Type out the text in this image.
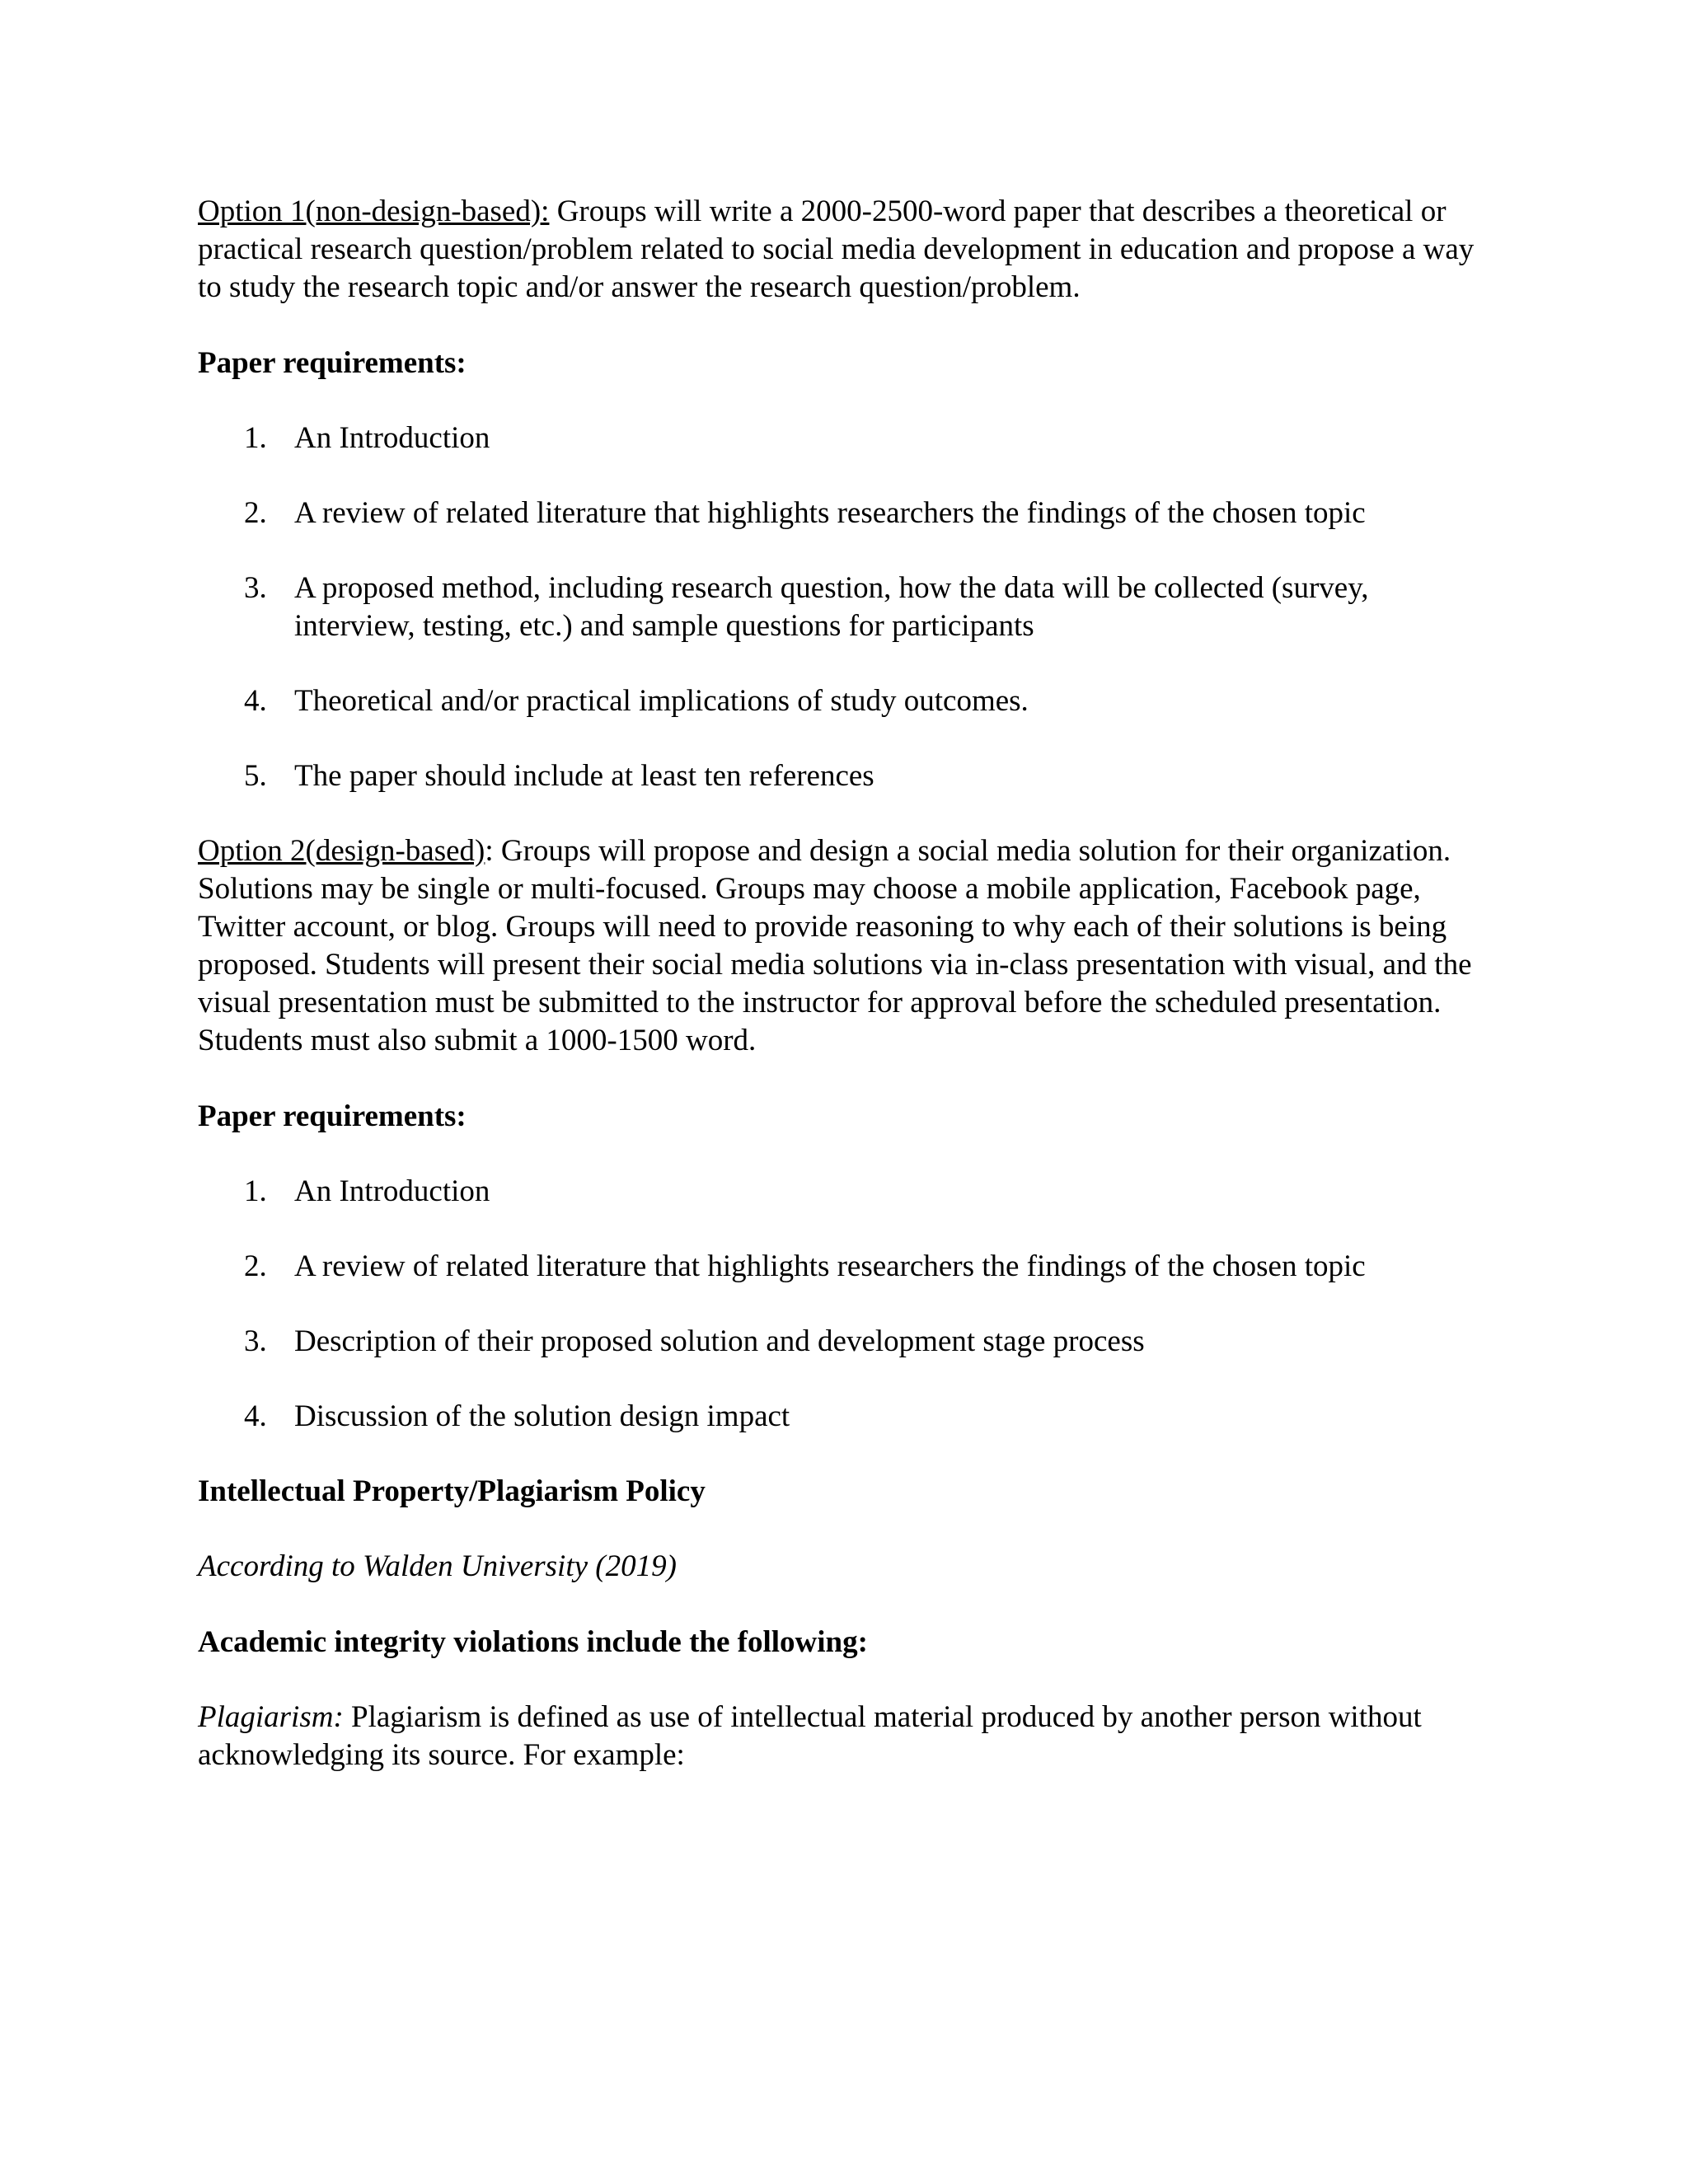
Option 1(non-design-based): Groups will write a 2000-2500-word paper that describes a theoretical or practical research question/problem related to social media development in education and propose a way to study the research topic and/or answer the research question/problem.

Paper requirements:

1. An Introduction
2. A review of related literature that highlights researchers the findings of the chosen topic
3. A proposed method, including research question, how the data will be collected (survey, interview, testing, etc.) and sample questions for participants
4. Theoretical and/or practical implications of study outcomes.
5. The paper should include at least ten references

Option 2(design-based): Groups will propose and design a social media solution for their organization. Solutions may be single or multi-focused. Groups may choose a mobile application, Facebook page, Twitter account, or blog. Groups will need to provide reasoning to why each of their solutions is being proposed. Students will present their social media solutions via in-class presentation with visual, and the visual presentation must be submitted to the instructor for approval before the scheduled presentation. Students must also submit a 1000-1500 word.

Paper requirements:

1. An Introduction
2. A review of related literature that highlights researchers the findings of the chosen topic
3. Description of their proposed solution and development stage process
4. Discussion of the solution design impact

Intellectual Property/Plagiarism Policy

According to Walden University (2019)

Academic integrity violations include the following:

Plagiarism: Plagiarism is defined as use of intellectual material produced by another person without acknowledging its source. For example:
